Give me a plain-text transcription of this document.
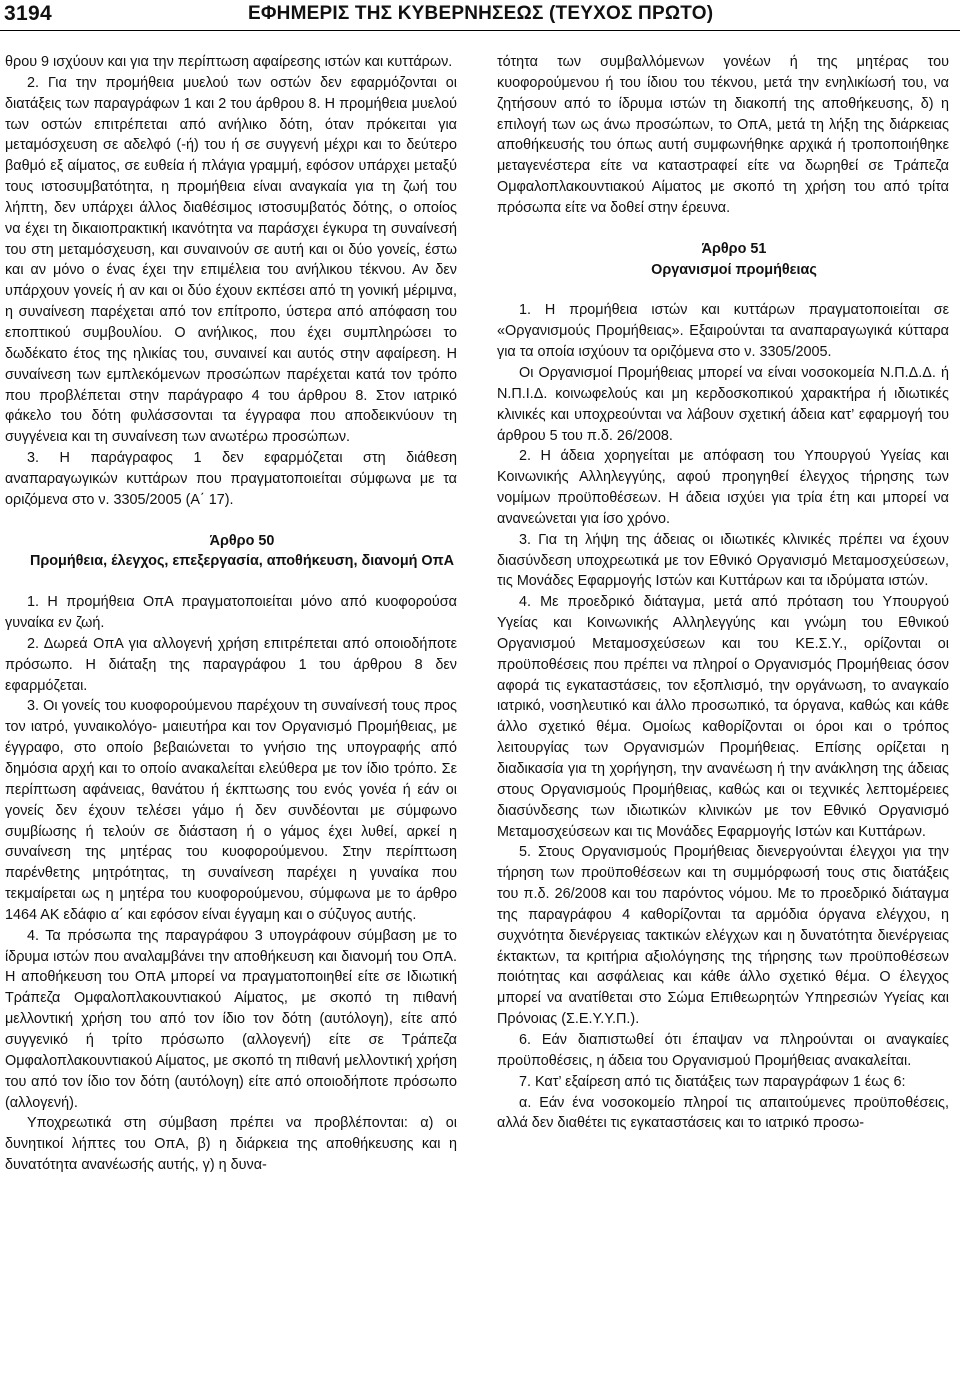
3194	ΕΦΗΜΕΡΙΣ ΤΗΣ ΚΥΒΕΡΝΗΣΕΩΣ (ΤΕΥΧΟΣ ΠΡΩΤΟ)

θρου 9 ισχύουν και για την περίπτωση αφαίρεσης ιστών και κυττάρων.

2. Για την προμήθεια μυελού των οστών δεν εφαρμόζονται οι διατάξεις των παραγράφων 1 και 2 του άρθρου 8. Η προμήθεια μυελού των οστών επιτρέπεται από ανήλικο δότη, όταν πρόκειται για μεταμόσχευση σε αδελφό (-ή) του ή σε συγγενή μέχρι και το δεύτερο βαθμό εξ αίματος, σε ευθεία ή πλάγια γραμμή, εφόσον υπάρχει μεταξύ τους ιστοσυμβατότητα, η προμήθεια είναι αναγκαία για τη ζωή του λήπτη, δεν υπάρχει άλλος διαθέσιμος ιστοσυμβατός δότης, ο οποίος να έχει τη δικαιοπρακτική ικανότητα να παράσχει έγκυρα τη συναίνεσή του στη μεταμόσχευση, και συναινούν σε αυτή και οι δύο γονείς, έστω και αν μόνο ο ένας έχει την επιμέλεια του ανήλικου τέκνου. Αν δεν υπάρχουν γονείς ή αν και οι δύο έχουν εκπέσει από τη γονική μέριμνα, η συναίνεση παρέχεται από τον επίτροπο, ύστερα από απόφαση του εποπτικού συμβουλίου. Ο ανήλικος, που έχει συμπληρώσει το δωδέκατο έτος της ηλικίας του, συναινεί και αυτός στην αφαίρεση. Η συναίνεση των εμπλεκόμενων προσώπων παρέχεται κατά τον τρόπο που προβλέπεται στην παράγραφο 4 του άρθρου 8. Στον ιατρικό φάκελο του δότη φυλάσσονται τα έγγραφα που αποδεικνύουν τη συγγένεια και τη συναίνεση των ανωτέρω προσώπων.

3. Η παράγραφος 1 δεν εφαρμόζεται στη διάθεση αναπαραγωγικών κυττάρων που πραγματοποιείται σύμφωνα με τα οριζόμενα στο ν. 3305/2005 (Α΄ 17).

Άρθρο 50

Προμήθεια, έλεγχος, επεξεργασία, αποθήκευση, διανομή ΟπΑ

1. Η προμήθεια ΟπΑ πραγματοποιείται μόνο από κυοφορούσα γυναίκα εν ζωή.

2. Δωρεά ΟπΑ για αλλογενή χρήση επιτρέπεται από οποιοδήποτε πρόσωπο. Η διάταξη της παραγράφου 1 του άρθρου 8 δεν εφαρμόζεται.

3. Οι γονείς του κυοφορούμενου παρέχουν τη συναίνεσή τους προς τον ιατρό, γυναικολόγο- μαιευτήρα και τον Οργανισμό Προμήθειας, με έγγραφο, στο οποίο βεβαιώνεται το γνήσιο της υπογραφής από δημόσια αρχή και το οποίο ανακαλείται ελεύθερα με τον ίδιο τρόπο. Σε περίπτωση αφάνειας, θανάτου ή έκπτωσης του ενός γονέα ή εάν οι γονείς δεν έχουν τελέσει γάμο ή δεν συνδέονται με σύμφωνο συμβίωσης ή τελούν σε διάσταση ή ο γάμος έχει λυθεί, αρκεί η συναίνεση της μητέρας του κυοφορούμενου. Στην περίπτωση παρένθετης μητρότητας, τη συναίνεση παρέχει η γυναίκα που τεκμαίρεται ως η μητέρα του κυοφορούμενου, σύμφωνα με το άρθρο 1464 ΑΚ εδάφιο α΄ και εφόσον είναι έγγαμη και ο σύζυγος αυτής.

4. Τα πρόσωπα της παραγράφου 3 υπογράφουν σύμβαση με το ίδρυμα ιστών που αναλαμβάνει την αποθήκευση και διανομή του ΟπΑ. Η αποθήκευση του ΟπΑ μπορεί να πραγματοποιηθεί είτε σε Ιδιωτική Τράπεζα Ομφαλοπλακουντιακού Αίματος, με σκοπό τη πιθανή μελλοντική χρήση του από τον ίδιο τον δότη (αυτόλογη), είτε από συγγενικό ή τρίτο πρόσωπο (αλλογενή) είτε σε Τράπεζα Ομφαλοπλακουντιακού Αίματος, με σκοπό τη πιθανή μελλοντική χρήση του από τον ίδιο τον δότη (αυτόλογη) είτε από οποιοδήποτε πρόσωπο (αλλογενή).

Υποχρεωτικά στη σύμβαση πρέπει να προβλέπονται: α) οι δυνητικοί λήπτες του ΟπΑ, β) η διάρκεια της αποθήκευσης και η δυνατότητα ανανέωσής αυτής, γ) η δυνα-

τότητα των συμβαλλόμενων γονέων ή της μητέρας του κυοφορούμενου ή του ίδιου του τέκνου, μετά την ενηλικίωσή του, να ζητήσουν από το ίδρυμα ιστών τη διακοπή της αποθήκευσης, δ) η επιλογή των ως άνω προσώπων, το ΟπΑ, μετά τη λήξη της διάρκειας αποθήκευσής του όπως αυτή συμφωνήθηκε αρχικά ή τροποποιήθηκε μεταγενέστερα είτε να καταστραφεί είτε να δωρηθεί σε Τράπεζα Ομφαλοπλακουντιακού Αίματος με σκοπό τη χρήση του από τρίτα πρόσωπα είτε να δοθεί στην έρευνα.

Άρθρο 51

Οργανισμοί προμήθειας

1. Η προμήθεια ιστών και κυττάρων πραγματοποιείται σε «Οργανισμούς Προμήθειας». Εξαιρούνται τα αναπαραγωγικά κύτταρα για τα οποία ισχύουν τα οριζόμενα στο ν. 3305/2005.

Οι Οργανισμοί Προμήθειας μπορεί να είναι νοσοκομεία Ν.Π.Δ.Δ. ή Ν.Π.Ι.Δ. κοινωφελούς και μη κερδοσκοπικού χαρακτήρα ή ιδιωτικές κλινικές και υποχρεούνται να λάβουν σχετική άδεια κατ’ εφαρμογή του άρθρου 5 του π.δ. 26/2008.

2. Η άδεια χορηγείται με απόφαση του Υπουργού Υγείας και Κοινωνικής Αλληλεγγύης, αφού προηγηθεί έλεγχος τήρησης των νομίμων προϋποθέσεων. Η άδεια ισχύει για τρία έτη και μπορεί να ανανεώνεται για ίσο χρόνο.

3. Για τη λήψη της άδειας οι ιδιωτικές κλινικές πρέπει να έχουν διασύνδεση υποχρεωτικά με τον Εθνικό Οργανισμό Μεταμοσχεύσεων, τις Μονάδες Εφαρμογής Ιστών και Κυττάρων και τα ιδρύματα ιστών.

4. Με προεδρικό διάταγμα, μετά από πρόταση του Υπουργού Υγείας και Κοινωνικής Αλληλεγγύης και γνώμη του Εθνικού Οργανισμού Μεταμοσχεύσεων και του ΚΕ.Σ.Υ., ορίζονται οι προϋποθέσεις που πρέπει να πληροί ο Οργανισμός Προμήθειας όσον αφορά τις εγκαταστάσεις, τον εξοπλισμό, την οργάνωση, το αναγκαίο ιατρικό, νοσηλευτικό και άλλο προσωπικό, τα όργανα, καθώς και κάθε άλλο σχετικό θέμα. Ομοίως καθορίζονται οι όροι και ο τρόπος λειτουργίας των Οργανισμών Προμήθειας. Επίσης ορίζεται η διαδικασία για τη χορήγηση, την ανανέωση ή την ανάκληση της άδειας στους Οργανισμούς Προμήθειας, καθώς και οι τεχνικές λεπτομέρειες διασύνδεσης των ιδιωτικών κλινικών με τον Εθνικό Οργανισμό Μεταμοσχεύσεων και τις Μονάδες Εφαρμογής Ιστών και Κυττάρων.

5. Στους Οργανισμούς Προμήθειας διενεργούνται έλεγχοι για την τήρηση των προϋποθέσεων και τη συμμόρφωσή τους στις διατάξεις του π.δ. 26/2008 και του παρόντος νόμου. Με το προεδρικό διάταγμα της παραγράφου 4 καθορίζονται τα αρμόδια όργανα ελέγχου, η συχνότητα διενέργειας τακτικών ελέγχων και η δυνατότητα διενέργειας έκτακτων, τα κριτήρια αξιολόγησης της τήρησης των προϋποθέσεων ποιότητας και ασφάλειας και κάθε άλλο σχετικό θέμα. Ο έλεγχος μπορεί να ανατίθεται στο Σώμα Επιθεωρητών Υπηρεσιών Υγείας και Πρόνοιας (Σ.Ε.Υ.Υ.Π.).

6. Εάν διαπιστωθεί ότι έπαψαν να πληρούνται οι αναγκαίες προϋποθέσεις, η άδεια του Οργανισμού Προμήθειας ανακαλείται.

7. Κατ’ εξαίρεση από τις διατάξεις των παραγράφων 1 έως 6:

α. Εάν ένα νοσοκομείο πληροί τις απαιτούμενες προϋποθέσεις, αλλά δεν διαθέτει τις εγκαταστάσεις και το ιατρικό προσω-
